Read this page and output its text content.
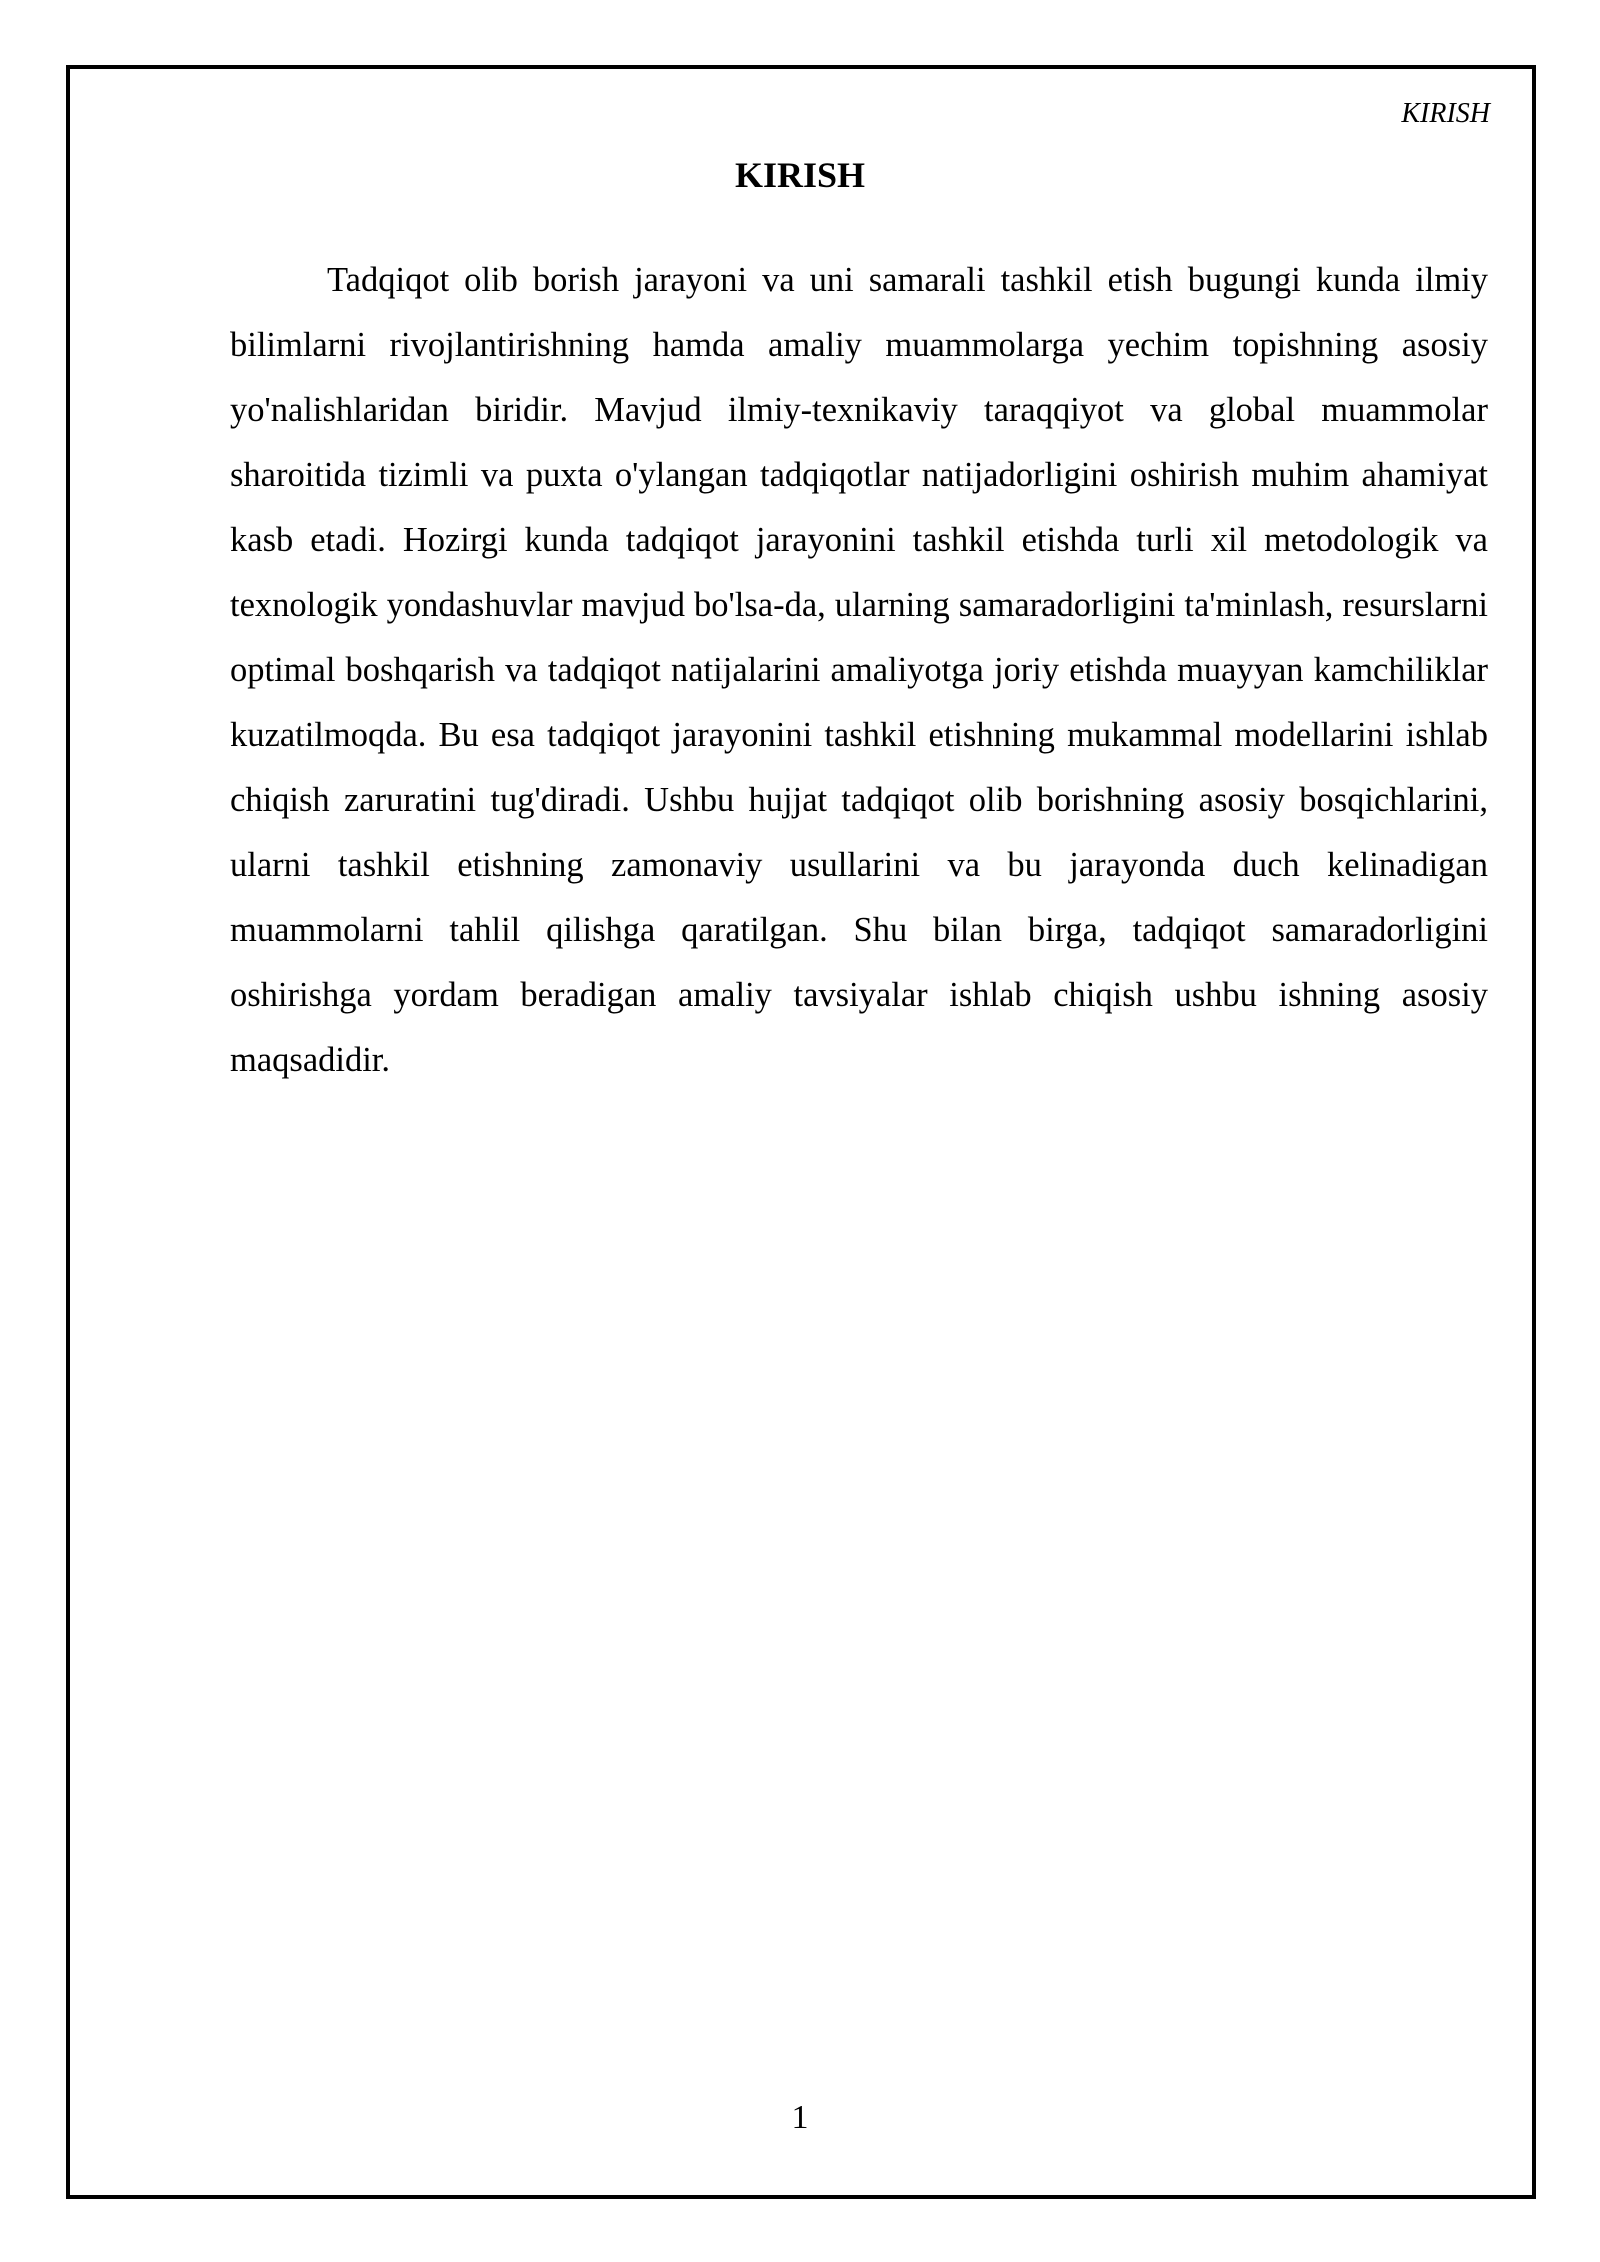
KIRISH
KIRISH

Tadqiqot olib borish jarayoni va uni samarali tashkil etish bugungi kunda ilmiy bilimlarni rivojlantirishning hamda amaliy muammolarga yechim topishning asosiy yo'nalishlaridan biridir. Mavjud ilmiy-texnikaviy taraqqiyot va global muammolar sharoitida tizimli va puxta o'ylangan tadqiqotlar natijadorligini oshirish muhim ahamiyat kasb etadi. Hozirgi kunda tadqiqot jarayonini tashkil etishda turli xil metodologik va texnologik yondashuvlar mavjud bo'lsa-da, ularning samaradorligini ta'minlash, resurslarni optimal boshqarish va tadqiqot natijalarini amaliyotga joriy etishda muayyan kamchiliklar kuzatilmoqda. Bu esa tadqiqot jarayonini tashkil etishning mukammal modellarini ishlab chiqish zaruratini tug'diradi. Ushbu hujjat tadqiqot olib borishning asosiy bosqichlarini, ularni tashkil etishning zamonaviy usullarini va bu jarayonda duch kelinadigan muammolarni tahlil qilishga qaratilgan. Shu bilan birga, tadqiqot samaradorligini oshirishga yordam beradigan amaliy tavsiyalar ishlab chiqish ushbu ishning asosiy maqsadidir.

1
